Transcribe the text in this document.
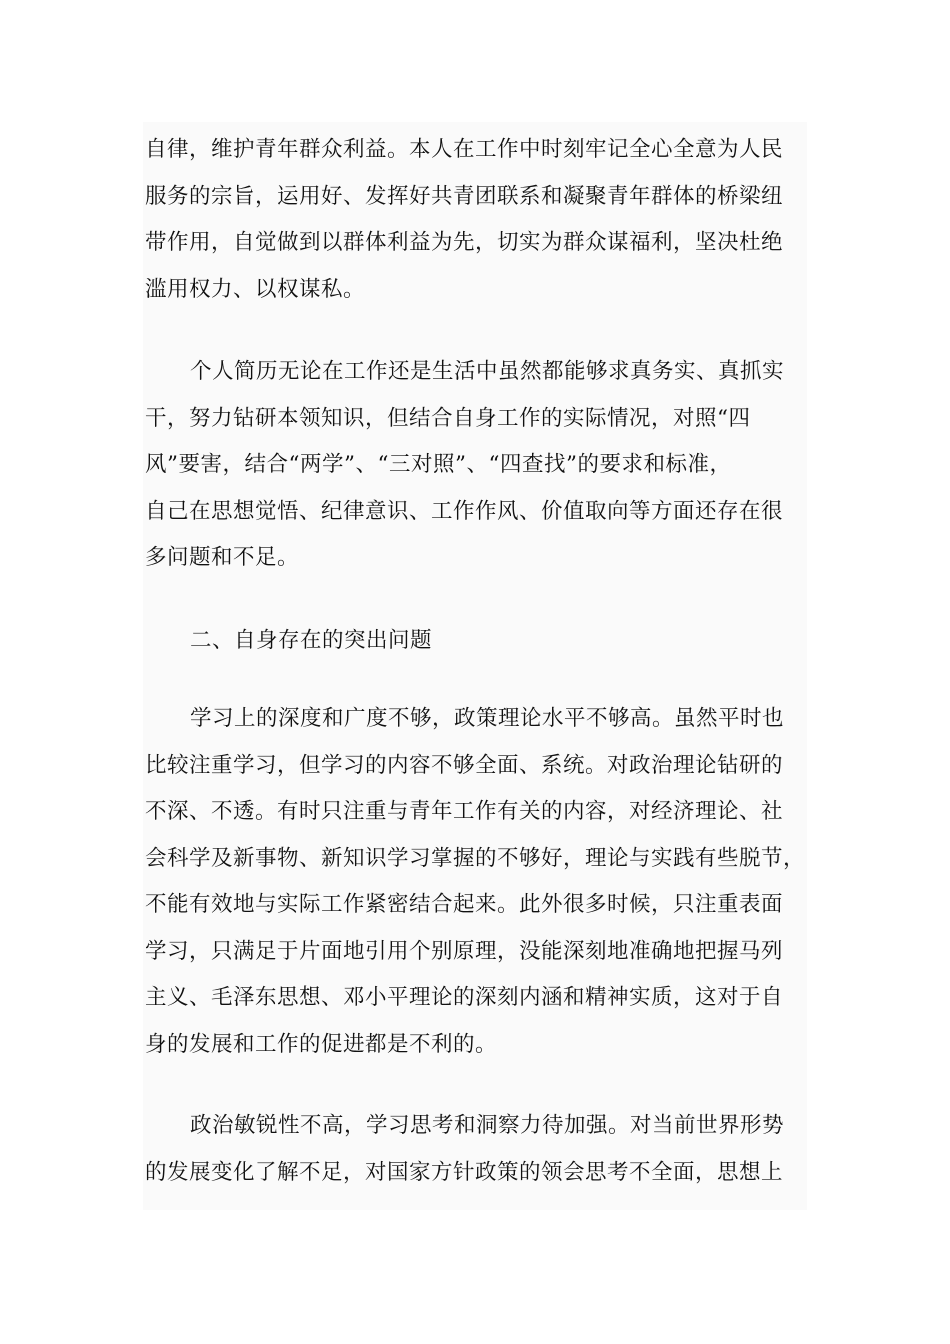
自律，维护青年群众利益。本人在工作中时刻牢记全心全意为人民
服务的宗旨，运用好、发挥好共青团联系和凝聚青年群体的桥梁纽
带作用，自觉做到以群体利益为先，切实为群众谋福利，坚决杜绝
滥用权力、以权谋私。
个人简历无论在工作还是生活中虽然都能够求真务实、真抓实
干，努力钻研本领知识，但结合自身工作的实际情况，对照“四
风”要害，结合“两学”、“三对照”、“四查找”的要求和标准，
自己在思想觉悟、纪律意识、工作作风、价值取向等方面还存在很
多问题和不足。
二、自身存在的突出问题
学习上的深度和广度不够，政策理论水平不够高。虽然平时也
比较注重学习，但学习的内容不够全面、系统。对政治理论钻研的
不深、不透。有时只注重与青年工作有关的内容，对经济理论、社
会科学及新事物、新知识学习掌握的不够好，理论与实践有些脱节，
不能有效地与实际工作紧密结合起来。此外很多时候，只注重表面
学习，只满足于片面地引用个别原理，没能深刻地准确地把握马列
主义、毛泽东思想、邓小平理论的深刻内涵和精神实质，这对于自
身的发展和工作的促进都是不利的。
政治敏锐性不高，学习思考和洞察力待加强。对当前世界形势
的发展变化了解不足，对国家方针政策的领会思考不全面，思想上
